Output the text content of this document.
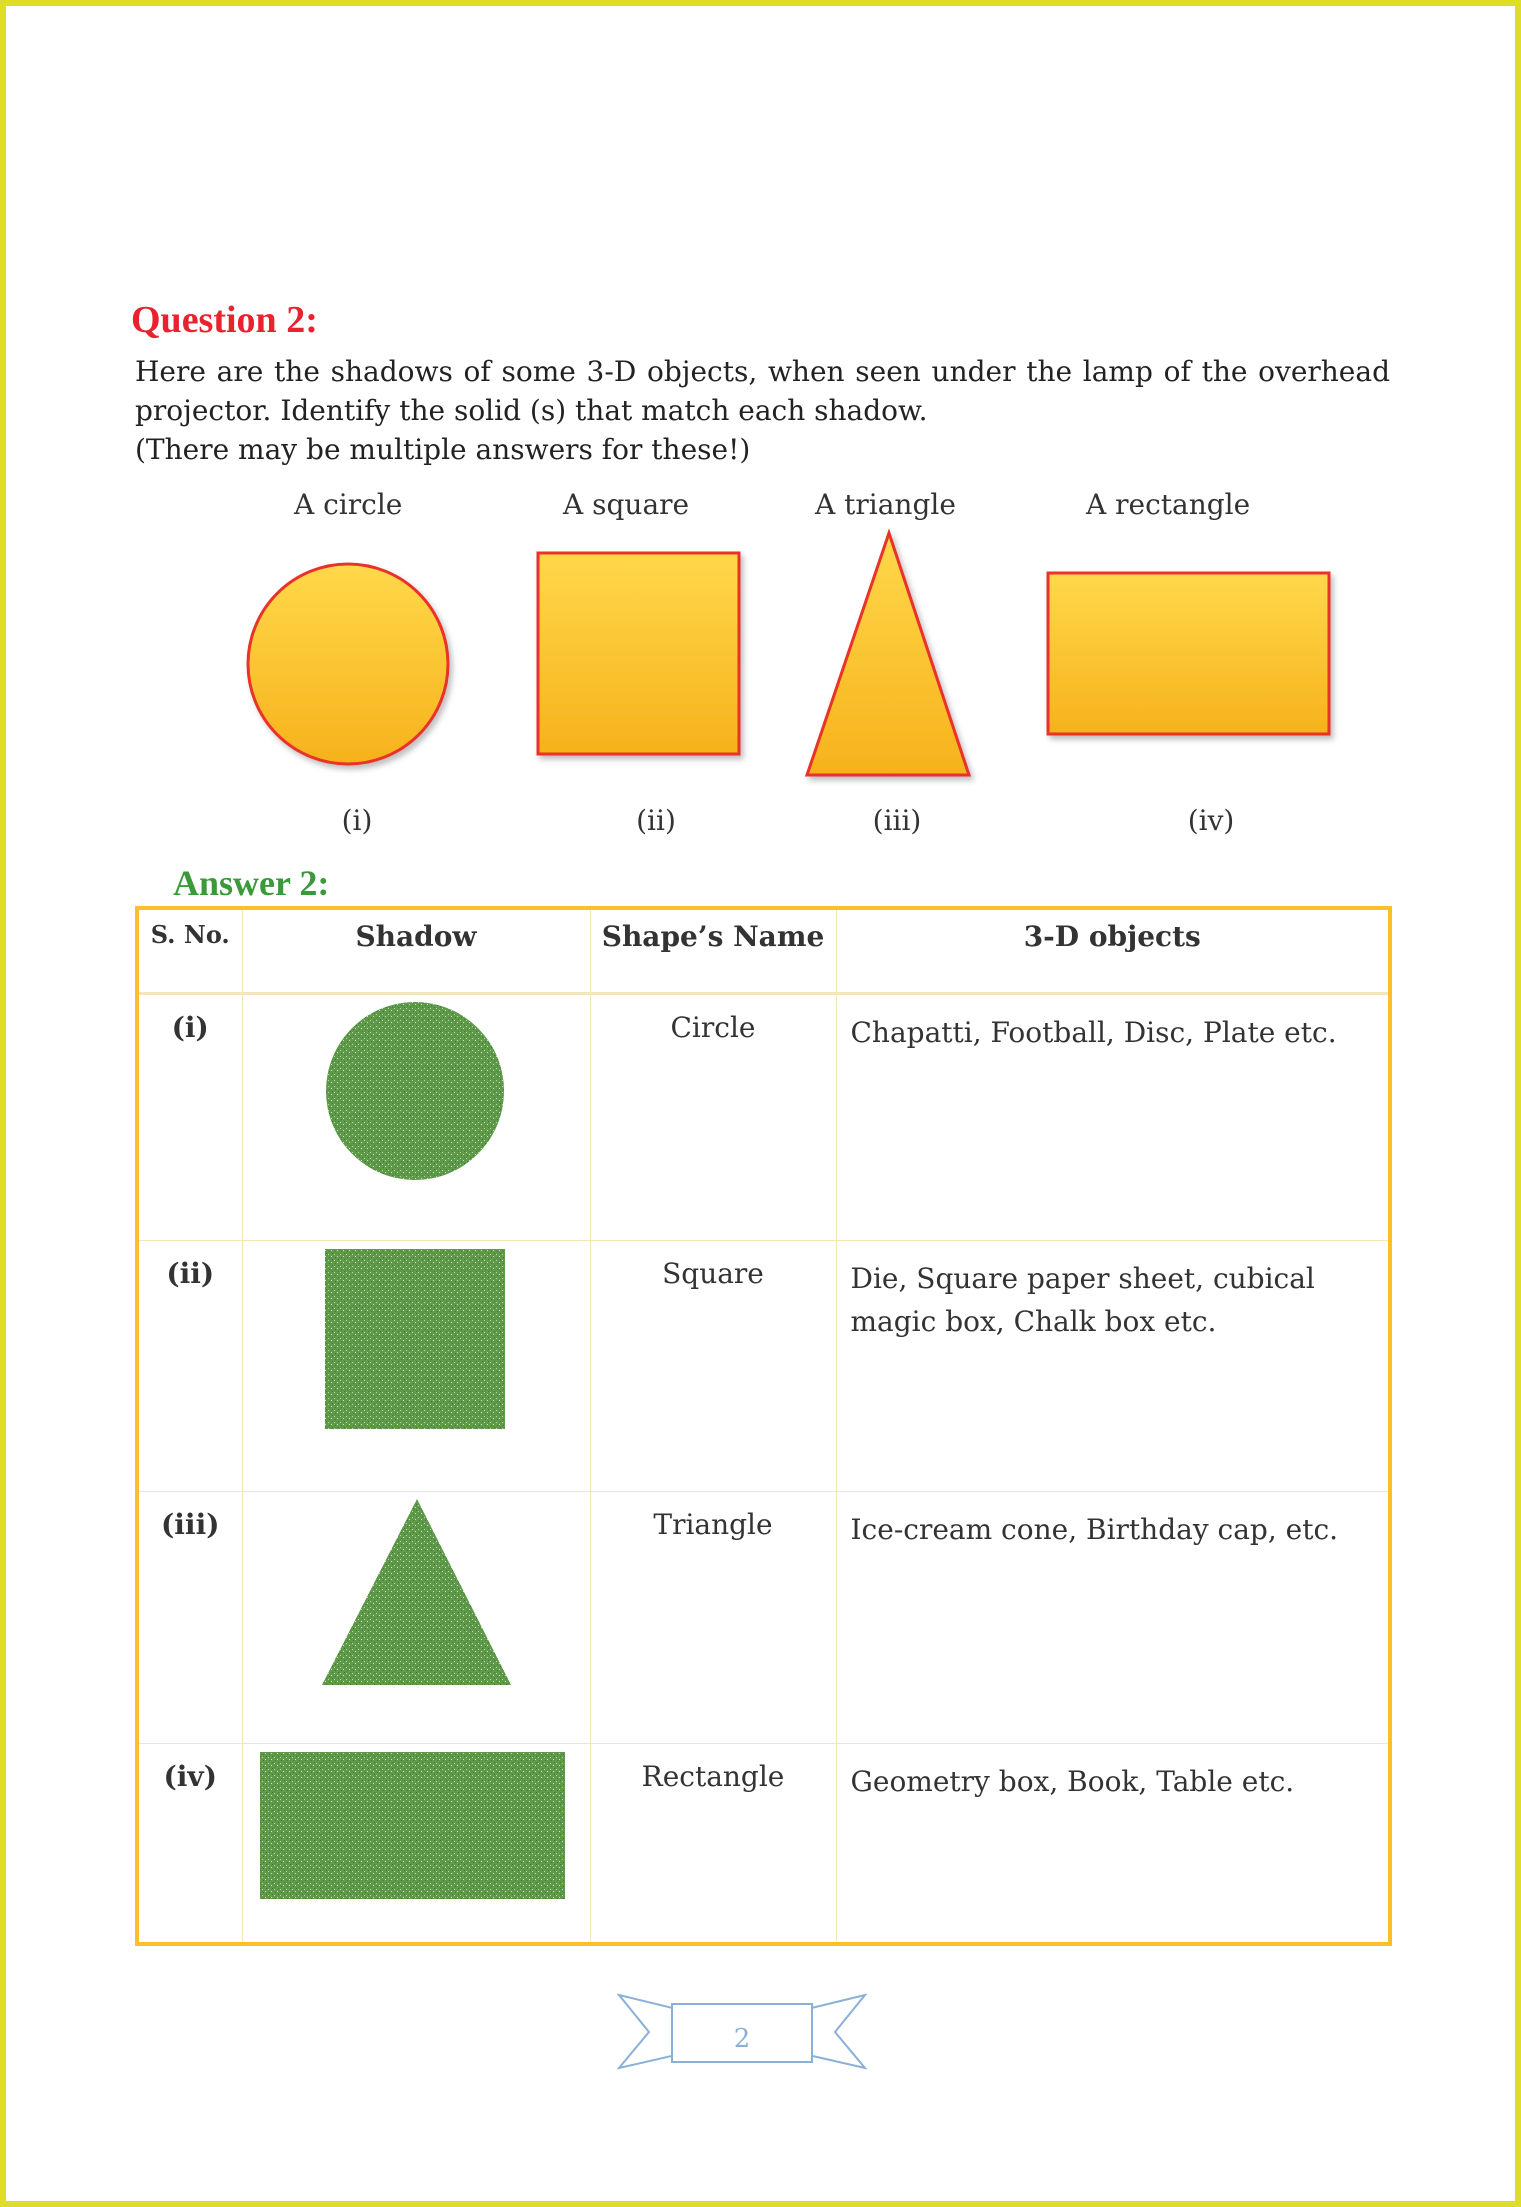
Question 2:

Here are the shadows of some 3-D objects, when seen under the lamp of the overhead projector. Identify the solid (s) that match each shadow.

(There may be multiple answers for these!)

A circle	A square	A triangle	A rectangle
(i)	(ii)	(iii)	(iv)
Answer 2:
S. No.	Shadow	Shape’s Name	3-D objects
(i)		Circle	Chapatti, Football, Disc, Plate etc.
(ii)		Square	Die, Square paper sheet, cubical magic box, Chalk box etc.
(iii)		Triangle	Ice-cream cone, Birthday cap, etc.
(iv)		Rectangle	Geometry box, Book, Table etc.
2
